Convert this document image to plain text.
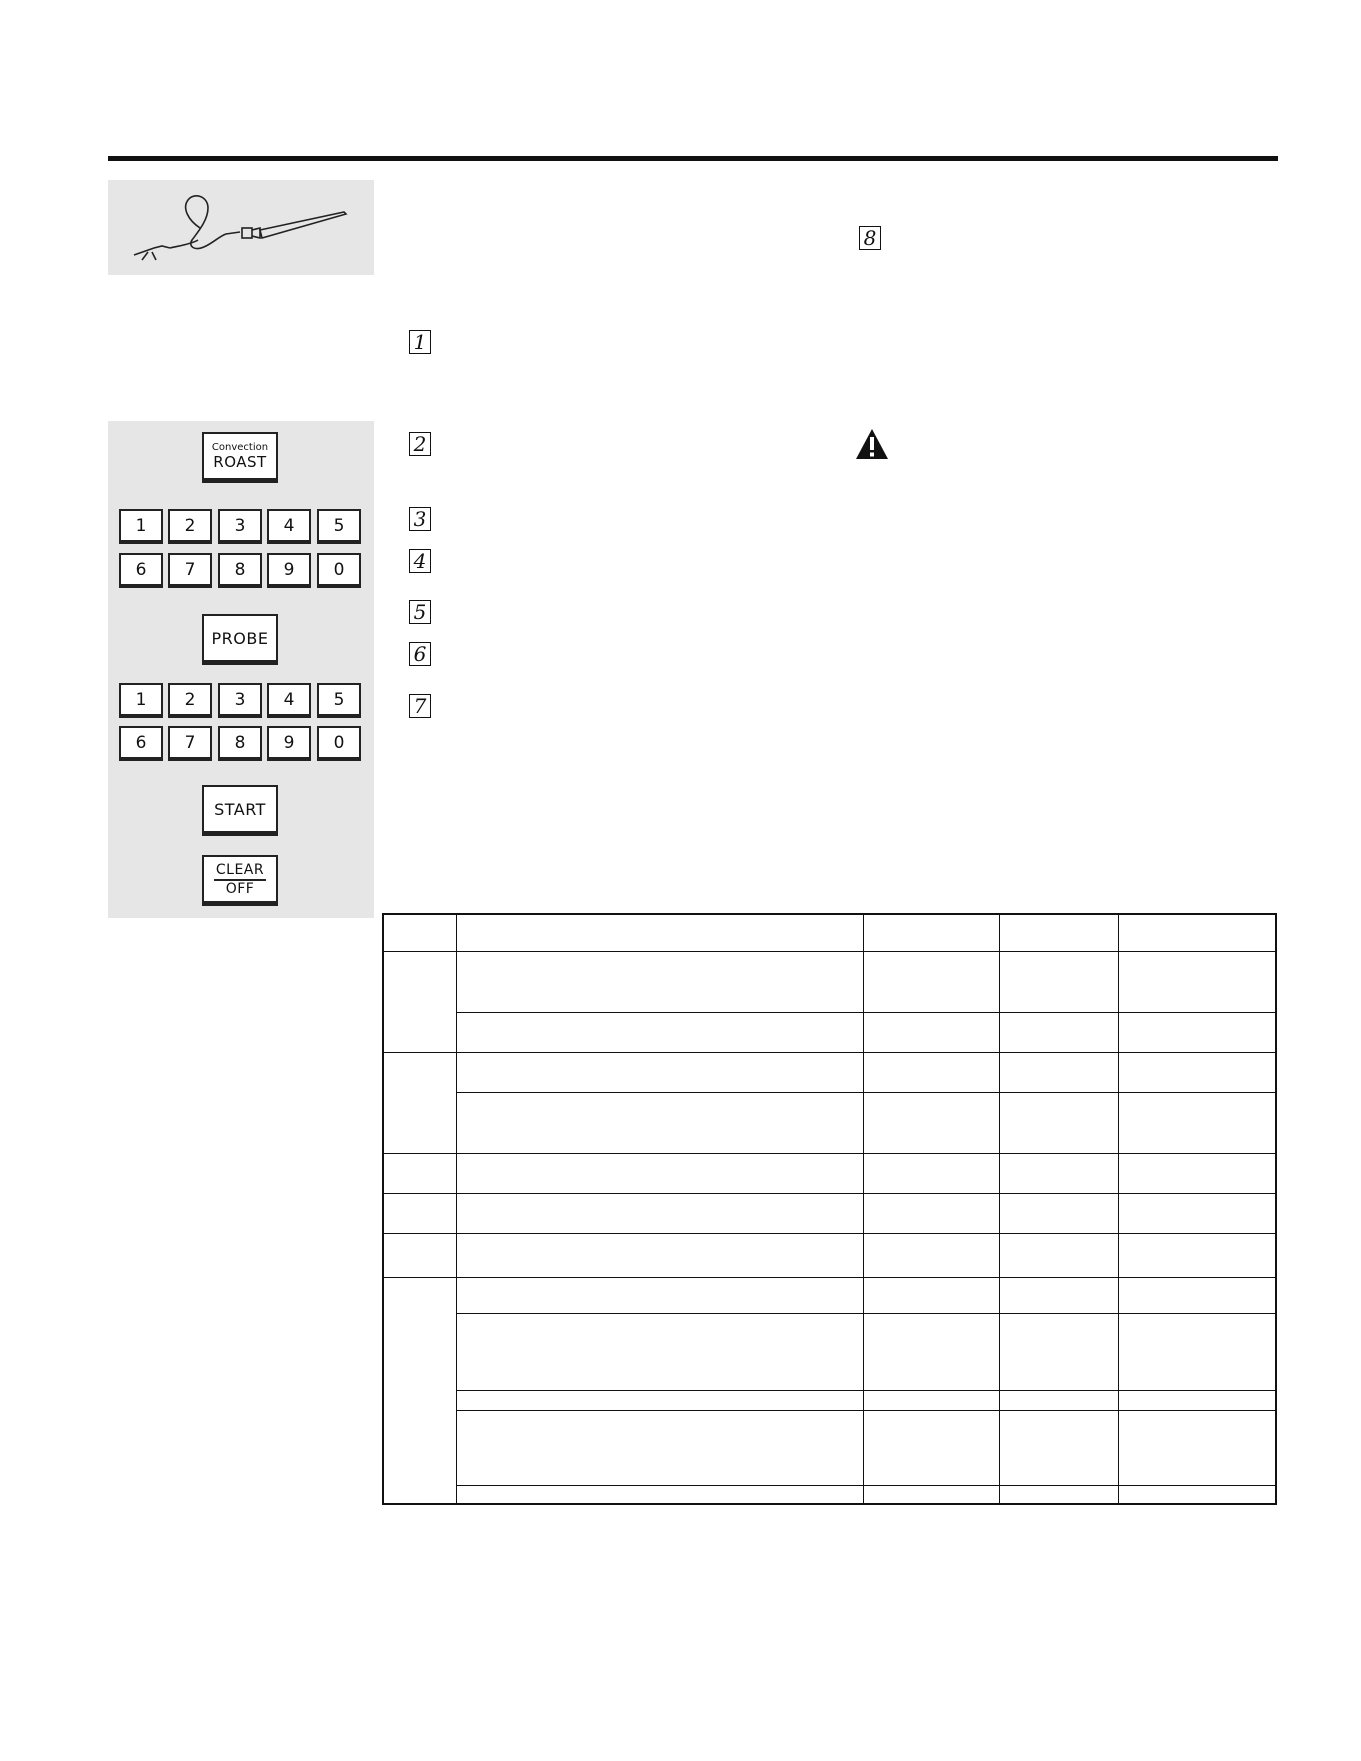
Convection
ROAST
1	2	3	4	5
6	7	8	9	0
PROBE
1	2	3	4	5
6	7	8	9	0
START
CLEAR
OFF
1
2
3
4
5
6
7
8
